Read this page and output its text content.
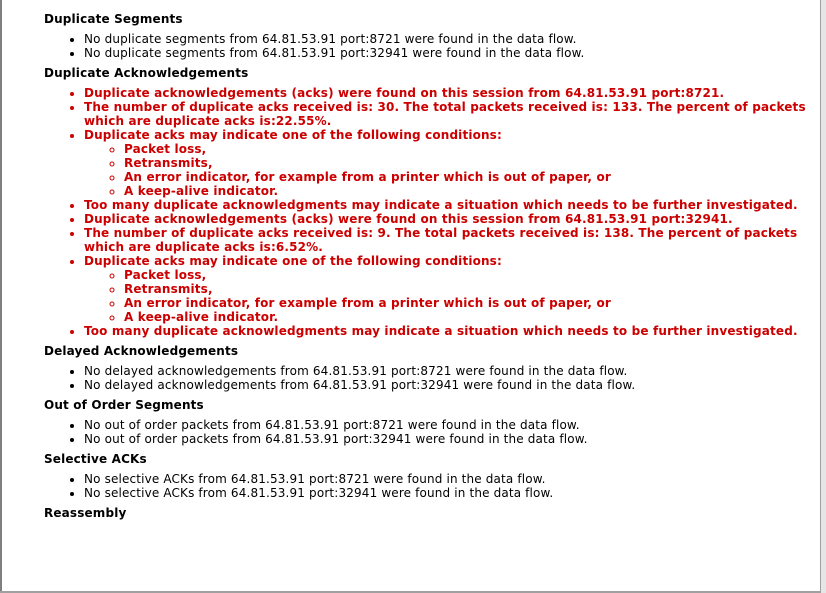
Duplicate Segments
• No duplicate segments from 64.81.53.91 port:8721 were found in the data flow.
• No duplicate segments from 64.81.53.91 port:32941 were found in the data flow.
Duplicate Acknowledgements
• Duplicate acknowledgements (acks) were found on this session from 64.81.53.91 port:8721.
• The number of duplicate acks received is: 30. The total packets received is: 133. The percent of packets which are duplicate acks is:22.55%.
• Duplicate acks may indicate one of the following conditions:
◦ Packet loss,
◦ Retransmits,
◦ An error indicator, for example from a printer which is out of paper, or
◦ A keep-alive indicator.
• Too many duplicate acknowledgments may indicate a situation which needs to be further investigated.
• Duplicate acknowledgements (acks) were found on this session from 64.81.53.91 port:32941.
• The number of duplicate acks received is: 9. The total packets received is: 138. The percent of packets which are duplicate acks is:6.52%.
• Duplicate acks may indicate one of the following conditions:
◦ Packet loss,
◦ Retransmits,
◦ An error indicator, for example from a printer which is out of paper, or
◦ A keep-alive indicator.
• Too many duplicate acknowledgments may indicate a situation which needs to be further investigated.
Delayed Acknowledgements
• No delayed acknowledgements from 64.81.53.91 port:8721 were found in the data flow.
• No delayed acknowledgements from 64.81.53.91 port:32941 were found in the data flow.
Out of Order Segments
• No out of order packets from 64.81.53.91 port:8721 were found in the data flow.
• No out of order packets from 64.81.53.91 port:32941 were found in the data flow.
Selective ACKs
• No selective ACKs from 64.81.53.91 port:8721 were found in the data flow.
• No selective ACKs from 64.81.53.91 port:32941 were found in the data flow.
Reassembly
